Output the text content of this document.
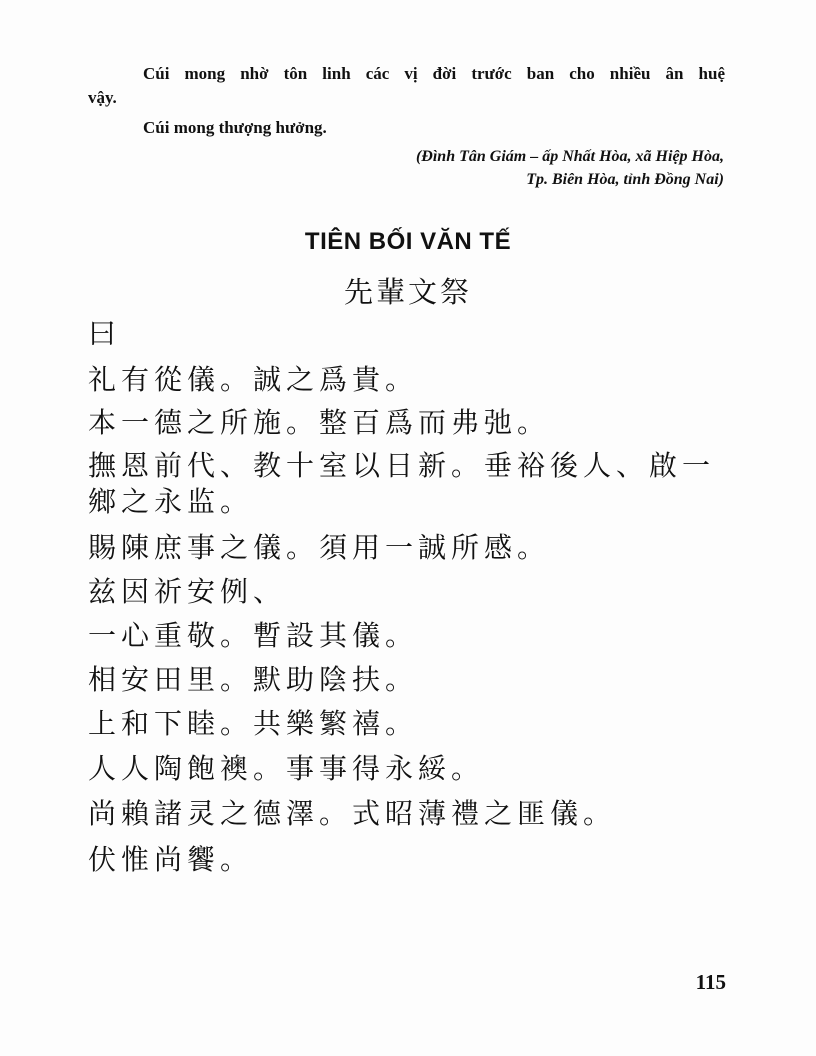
Cúi mong nhờ tôn linh các vị đời trước ban cho nhiều ân huệ
vậy.
Cúi mong thượng hưởng.
(Đình Tân Giám – ấp Nhất Hòa, xã Hiệp Hòa,
Tp. Biên Hòa, tỉnh Đồng Nai)
TIÊN BỐI VĂN TẾ
先輩文祭
曰
礼有從儀。誠之爲貴。
本一德之所施。整百爲而弗弛。
撫恩前代、教十室以日新。垂裕後人、啟一
鄉之永监。
賜陳庶事之儀。須用一誠所感。
兹因祈安例、
一心重敬。暫設其儀。
相安田里。默助陰扶。
上和下睦。共樂繁禧。
人人陶飽襖。事事得永綏。
尚賴諸灵之德澤。式昭薄禮之匪儀。
伏惟尚饗。
115
